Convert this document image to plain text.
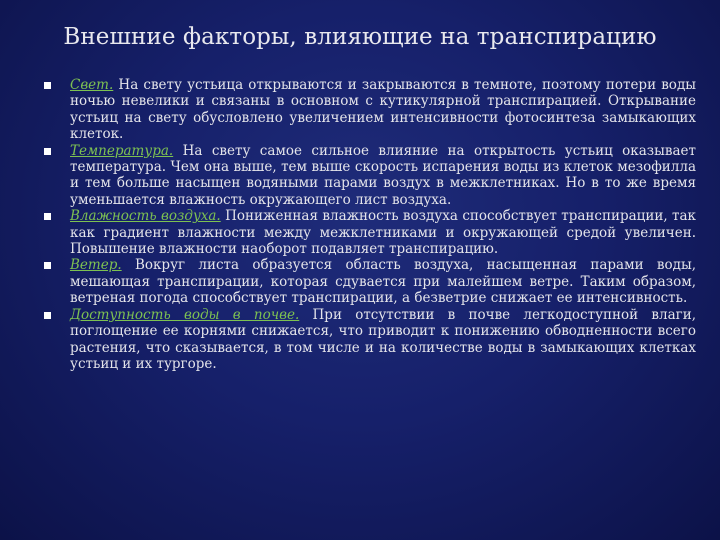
Внешние факторы, влияющие на транспирацию
Свет. На свету устьица открываются и закрываются в темноте, поэтому потери воды ночью невелики и связаны в основном с кутикулярной транспирацией. Открывание устьиц на свету обусловлено увеличением интенсивности фотосинтеза замыкающих клеток.
Температура. На свету самое сильное влияние на открытость устьиц оказывает температура. Чем она выше, тем выше скорость испарения воды из клеток мезофилла и тем больше насыщен водяными парами воздух в межклетниках. Но в то же время уменьшается влажность окружающего лист воздуха.
Влажность воздуха. Пониженная влажность воздуха способствует транспирации, так как градиент влажности между межклетниками и окружающей средой увеличен. Повышение влажности наоборот подавляет транспирацию.
Ветер. Вокруг листа образуется область воздуха, насыщенная парами воды, мешающая транспирации, которая сдувается при малейшем ветре. Таким образом, ветреная погода способствует транспирации, а безветрие снижает ее интенсивность.
Доступность воды в почве. При отсутствии в почве легкодоступной влаги, поглощение ее корнями снижается, что приводит к понижению обводненности всего растения, что сказывается, в том числе и на количестве воды в замыкающих клетках устьиц и их тургоре.
